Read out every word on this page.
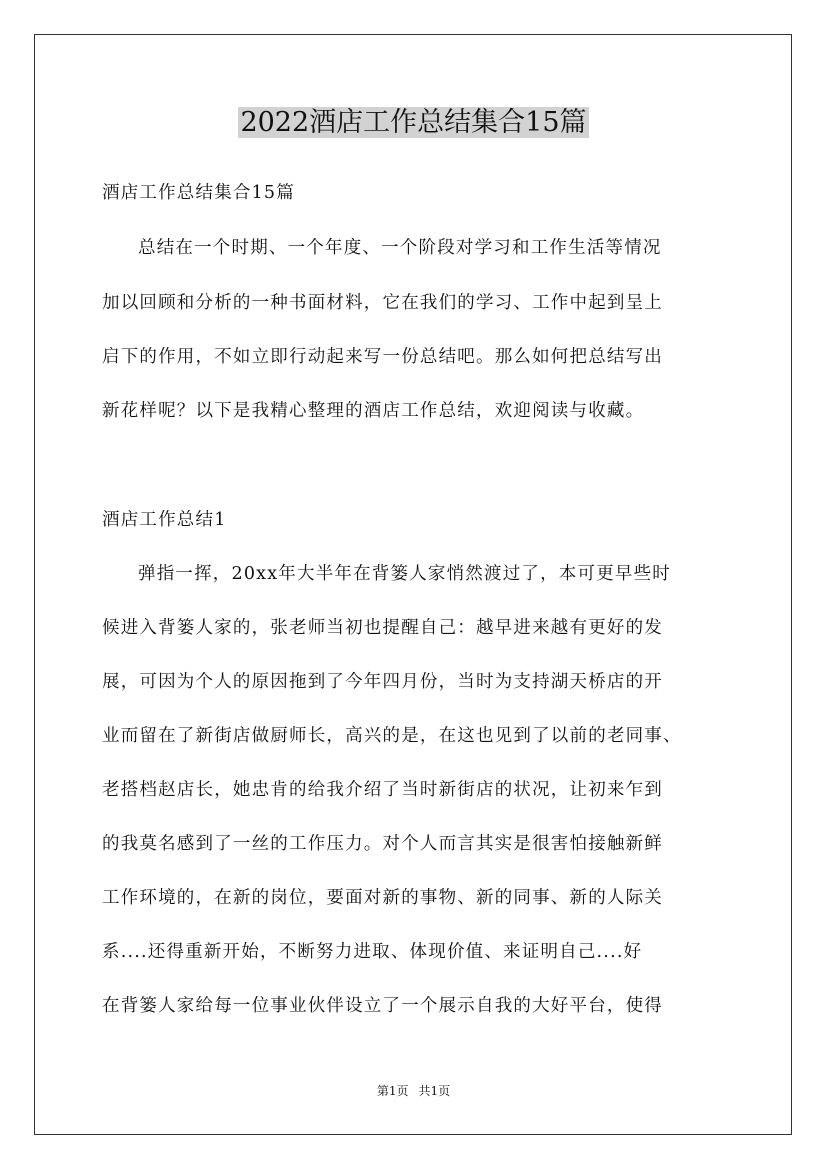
2022酒店工作总结集合15篇

酒店工作总结集合15篇

总结在一个时期、一个年度、一个阶段对学习和工作生活等情况

加以回顾和分析的一种书面材料，它在我们的学习、工作中起到呈上

启下的作用，不如立即行动起来写一份总结吧。那么如何把总结写出

新花样呢？以下是我精心整理的酒店工作总结，欢迎阅读与收藏。

酒店工作总结1

弹指一挥，20xx年大半年在背篓人家悄然渡过了，本可更早些时

候进入背篓人家的，张老师当初也提醒自己：越早进来越有更好的发

展，可因为个人的原因拖到了今年四月份，当时为支持湖天桥店的开

业而留在了新街店做厨师长，高兴的是，在这也见到了以前的老同事、

老搭档赵店长，她忠肯的给我介绍了当时新街店的状况，让初来乍到

的我莫名感到了一丝的工作压力。对个人而言其实是很害怕接触新鲜

工作环境的，在新的岗位，要面对新的事物、新的同事、新的人际关

系....还得重新开始，不断努力进取、体现价值、来证明自己....好

在背篓人家给每一位事业伙伴设立了一个展示自我的大好平台，使得

第1页 共1页
